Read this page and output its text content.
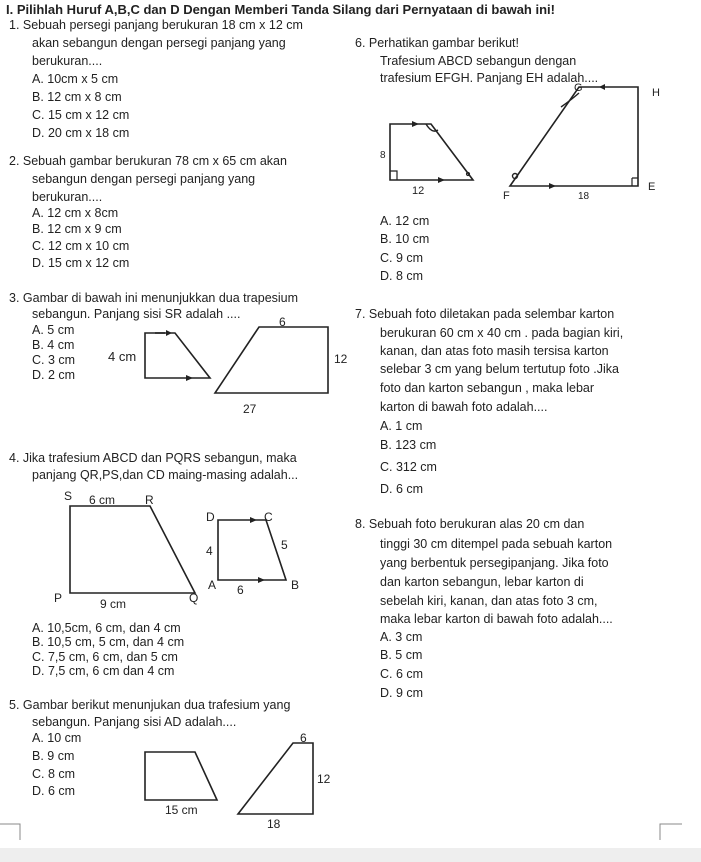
I. Pilihlah Huruf A,B,C dan D Dengan Memberi Tanda Silang dari Pernyataan di bawah ini!
1. Sebuah persegi panjang berukuran 18 cm x 12 cm
akan sebangun dengan persegi panjang yang
berukuran....
A. 10cm x 5 cm
B. 12 cm x 8 cm
C. 15 cm x 12 cm
D. 20 cm x 18 cm
2. Sebuah gambar berukuran 78 cm x 65 cm akan
sebangun dengan persegi panjang yang
berukuran....
A. 12 cm x 8cm
B. 12 cm x 9 cm
C. 12 cm x 10 cm
D. 15 cm x 12 cm
3. Gambar di bawah ini menunjukkan dua trapesium
sebangun. Panjang sisi SR adalah ....
A. 5 cm
B. 4 cm
C. 3 cm
D. 2 cm
4 cm
6
12
27
4. Jika trafesium ABCD dan PQRS sebangun, maka
panjang QR,PS,dan CD maing-masing adalah...
S 6 cm R
P	9 cm	Q
D	C
4	5
A 6	B
A. 10,5cm, 6 cm, dan 4 cm
B. 10,5 cm, 5 cm, dan 4 cm
C. 7,5 cm, 6 cm, dan 5 cm
D. 7,5 cm, 6 cm dan 4 cm
5. Gambar berikut menunjukan dua trafesium yang
sebangun. Panjang sisi AD adalah....
A. 10 cm
B. 9 cm
C. 8 cm
D. 6 cm
15 cm
6
12
18
6. Perhatikan gambar berikut!
Trafesium ABCD sebangun dengan
trafesium EFGH. Panjang EH adalah....
8
12
G	H
F	18
E
A. 12 cm
B. 10 cm
C. 9 cm
D. 8 cm
7. Sebuah foto diletakan pada selembar karton
berukuran 60 cm x 40 cm . pada bagian kiri,
kanan, dan atas foto masih tersisa karton
selebar 3 cm yang belum tertutup foto .Jika
foto dan karton sebangun , maka lebar
karton di bawah foto adalah....
A. 1 cm
B. 123 cm
C. 312 cm
D. 6 cm
8. Sebuah foto berukuran alas 20 cm dan
tinggi 30 cm ditempel pada sebuah karton
yang berbentuk persegipanjang. Jika foto
dan karton sebangun, lebar karton di
sebelah kiri, kanan, dan atas foto 3 cm,
maka lebar karton di bawah foto adalah....
A. 3 cm
B. 5 cm
C. 6 cm
D. 9 cm
